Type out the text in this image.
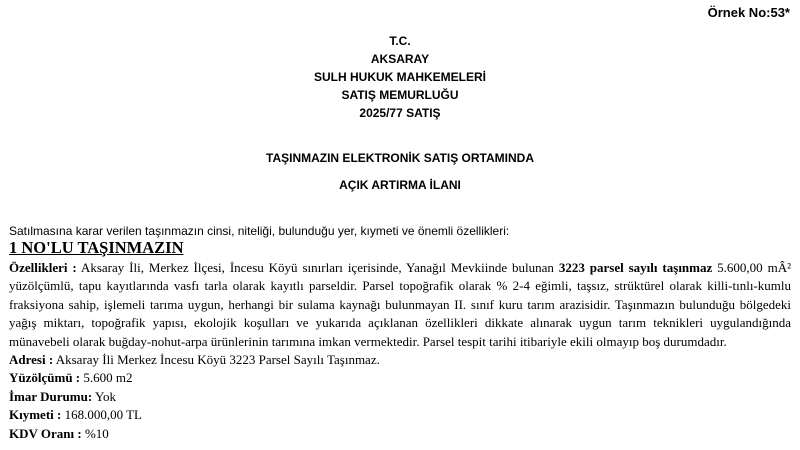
Örnek No:53*
T.C.
AKSARAY
SULH HUKUK MAHKEMELERİ
SATIŞ MEMURLUĞU
2025/77 SATIŞ
TAŞINMAZIN ELEKTRONİK SATIŞ ORTAMINDA
AÇIK ARTIRMA İLANI
Satılmasına karar verilen taşınmazın cinsi, niteliği, bulunduğu yer, kıymeti ve önemli özellikleri:
1 NO'LU TAŞINMAZIN

Özellikleri : Aksaray İli, Merkez İlçesi, İncesu Köyü sınırları içerisinde, Yanağıl Mevkiinde bulunan 3223 parsel sayılı taşınmaz 5.600,00 mÂ² yüzölçümlü, tapu kayıtlarında vasfı tarla olarak kayıtlı parseldir. Parsel topoğrafik olarak % 2-4 eğimli, taşsız, strüktürel olarak killi-tınlı-kumlu fraksiyona sahip, işlemeli tarıma uygun, herhangi bir sulama kaynağı bulunmayan II. sınıf kuru tarım arazisidir. Taşınmazın bulunduğu bölgedeki yağış miktarı, topoğrafik yapısı, ekolojik koşulları ve yukarıda açıklanan özellikleri dikkate alınarak uygun tarım teknikleri uygulandığında münavebeli olarak buğday-nohut-arpa ürünlerinin tarımına imkan vermektedir. Parsel tespit tarihi itibariyle ekili olmayıp boş durumdadır.

Adresi : Aksaray İli Merkez İncesu Köyü 3223 Parsel Sayılı Taşınmaz.

Yüzölçümü : 5.600 m2

İmar Durumu: Yok

Kıymeti : 168.000,00 TL

KDV Oranı : %10
